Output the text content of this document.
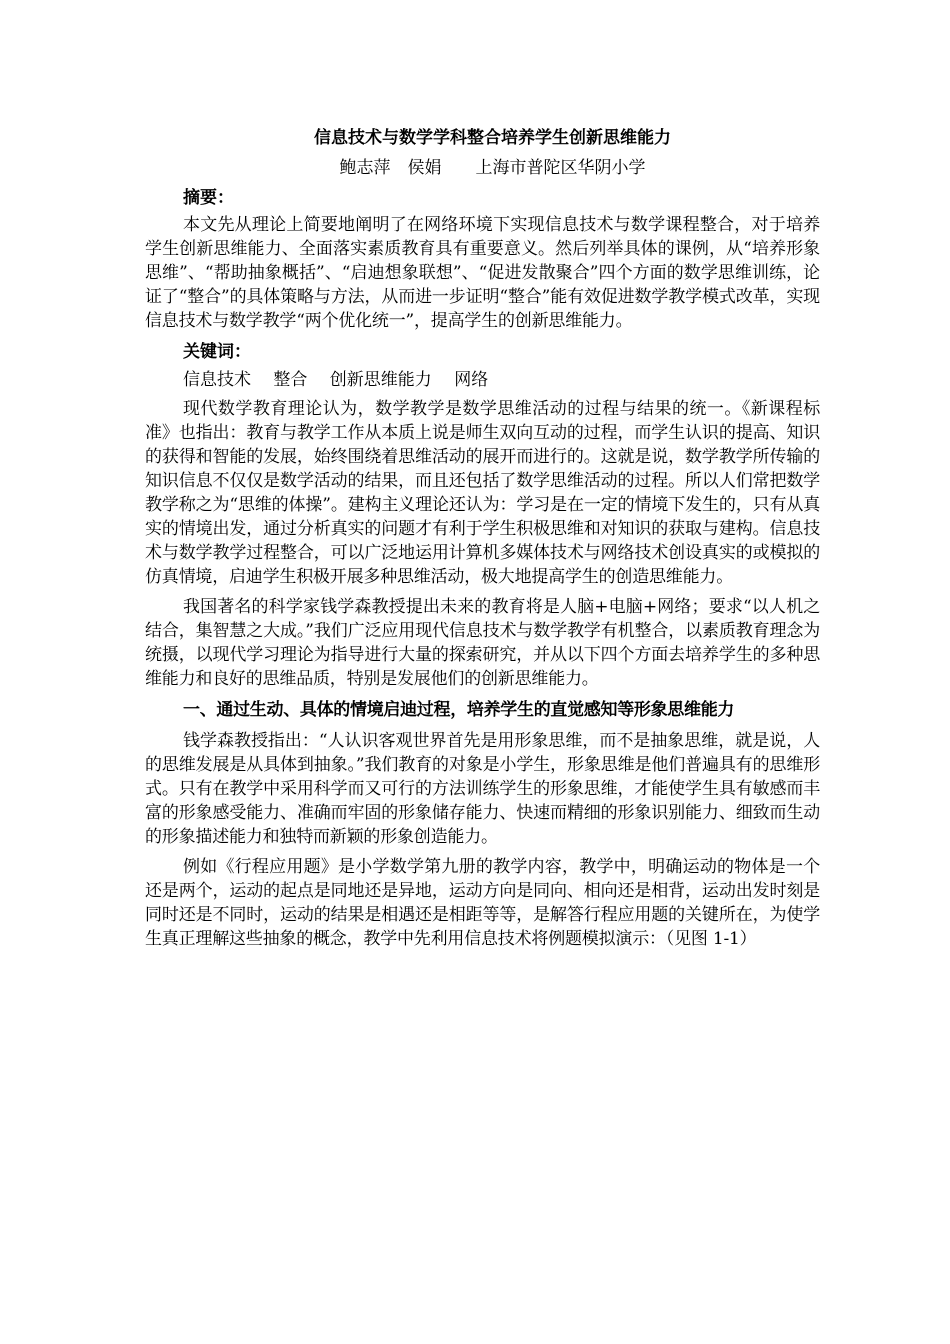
信息技术与数学学科整合培养学生创新思维能力
鲍志萍　侯娟　　上海市普陀区华阴小学
摘要：

本文先从理论上简要地阐明了在网络环境下实现信息技术与数学课程整合，对于培养学生创新思维能力、全面落实素质教育具有重要意义。然后列举具体的课例，从“培养形象思维”、“帮助抽象概括”、“启迪想象联想”、“促进发散聚合”四个方面的数学思维训练，论证了“整合”的具体策略与方法，从而进一步证明“整合”能有效促进数学教学模式改革，实现信息技术与数学教学“两个优化统一”，提高学生的创新思维能力。

关键词：
信息技术　 整合　 创新思维能力　 网络

现代数学教育理论认为，数学教学是数学思维活动的过程与结果的统一。《新课程标准》也指出：教育与教学工作从本质上说是师生双向互动的过程，而学生认识的提高、知识的获得和智能的发展，始终围绕着思维活动的展开而进行的。这就是说，数学教学所传输的知识信息不仅仅是数学活动的结果，而且还包括了数学思维活动的过程。所以人们常把数学教学称之为“思维的体操”。建构主义理论还认为：学习是在一定的情境下发生的，只有从真实的情境出发，通过分析真实的问题才有利于学生积极思维和对知识的获取与建构。信息技术与数学教学过程整合，可以广泛地运用计算机多媒体技术与网络技术创设真实的或模拟的仿真情境，启迪学生积极开展多种思维活动，极大地提高学生的创造思维能力。

我国著名的科学家钱学森教授提出未来的教育将是人脑+电脑+网络；要求“以人机之结合，集智慧之大成。”我们广泛应用现代信息技术与数学教学有机整合，以素质教育理念为统摄，以现代学习理论为指导进行大量的探索研究，并从以下四个方面去培养学生的多种思维能力和良好的思维品质，特别是发展他们的创新思维能力。

一、通过生动、具体的情境启迪过程，培养学生的直觉感知等形象思维能力

钱学森教授指出：“人认识客观世界首先是用形象思维，而不是抽象思维，就是说，人的思维发展是从具体到抽象。”我们教育的对象是小学生，形象思维是他们普遍具有的思维形式。只有在教学中采用科学而又可行的方法训练学生的形象思维，才能使学生具有敏感而丰富的形象感受能力、准确而牢固的形象储存能力、快速而精细的形象识别能力、细致而生动的形象描述能力和独特而新颖的形象创造能力。

例如《行程应用题》是小学数学第九册的教学内容，教学中，明确运动的物体是一个还是两个，运动的起点是同地还是异地，运动方向是同向、相向还是相背，运动出发时刻是同时还是不同时，运动的结果是相遇还是相距等等，是解答行程应用题的关键所在，为使学生真正理解这些抽象的概念，教学中先利用信息技术将例题模拟演示：（见图 1-1）
